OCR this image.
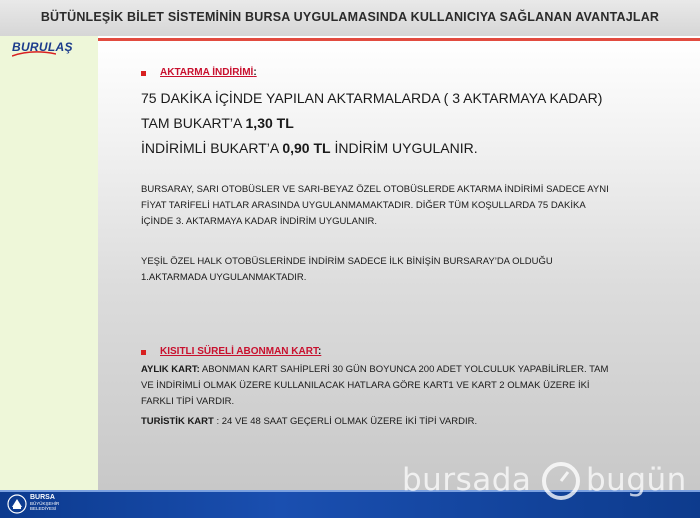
BÜTÜNLEŞİK BİLET SİSTEMİNİN BURSA UYGULAMASINDA KULLANICIYA SAĞLANAN AVANTAJLAR
BURULAŞ
AKTARMA İNDİRİMİ:
75 DAKİKA İÇİNDE YAPILAN AKTARMALARDA ( 3 AKTARMAYA KADAR)
TAM BUKART’A 1,30 TL
İNDİRİMLİ BUKART’A 0,90 TL İNDİRİM UYGULANIR.
BURSARAY, SARI OTOBÜSLER VE SARI-BEYAZ ÖZEL OTOBÜSLERDE AKTARMA İNDİRİMİ SADECE AYNI
FİYAT TARİFELİ HATLAR ARASINDA UYGULANMAMAKTADIR. DİĞER TÜM KOŞULLARDA 75 DAKİKA
İÇİNDE 3. AKTARMAYA KADAR İNDİRİM UYGULANIR.
YEŞİL ÖZEL HALK OTOBÜSLERİNDE İNDİRİM SADECE İLK BİNİŞİN BURSARAY’DA OLDUĞU
1.AKTARMADA UYGULANMAKTADIR.
KISITLI SÜRELİ ABONMAN KART:
AYLIK KART: ABONMAN KART SAHİPLERİ 30 GÜN BOYUNCA 200 ADET YOLCULUK YAPABİLİRLER. TAM
VE İNDİRİMLİ OLMAK ÜZERE KULLANILACAK HATLARA GÖRE KART1 VE KART 2 OLMAK ÜZERE İKİ
FARKLI TİPİ VARDIR.
TURİSTİK KART : 24 VE 48 SAAT GEÇERLİ OLMAK ÜZERE İKİ TİPİ VARDIR.
BURSA
BÜYÜKŞEHİR
BELEDİYESİ
bursada bugün
